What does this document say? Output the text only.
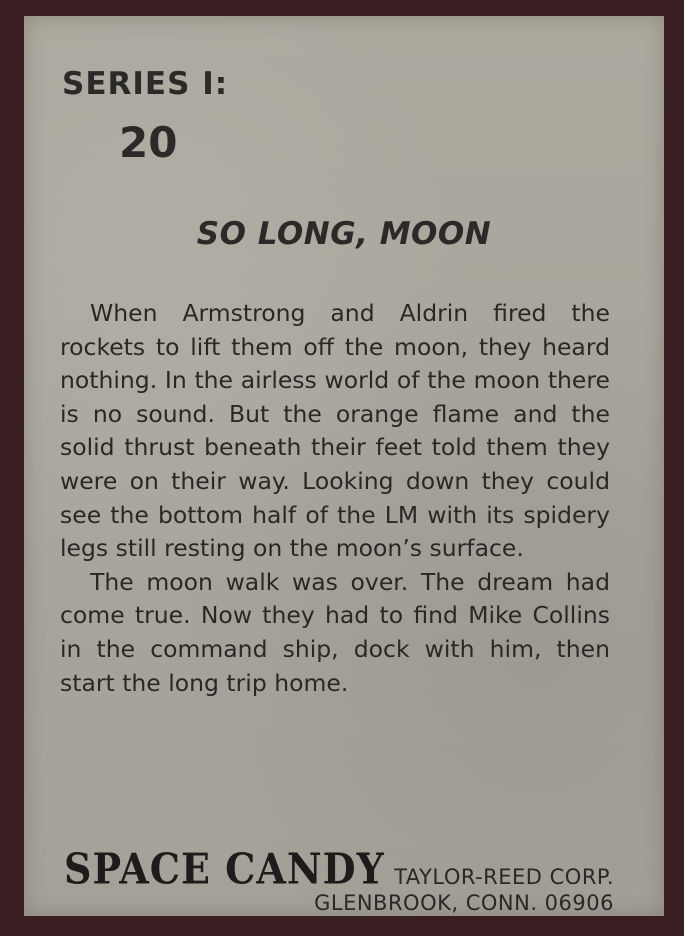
SERIES I:
20
SO LONG, MOON

When Armstrong and Aldrin fired the rockets to lift them off the moon, they heard nothing. In the airless world of the moon there is no sound. But the orange flame and the solid thrust beneath their feet told them they were on their way. Looking down they could see the bottom half of the LM with its spidery legs still resting on the moon’s surface.

The moon walk was over. The dream had come true. Now they had to find Mike Collins in the command ship, dock with him, then start the long trip home.

SPACE CANDY TAYLOR-REED CORP.
GLENBROOK, CONN. 06906
